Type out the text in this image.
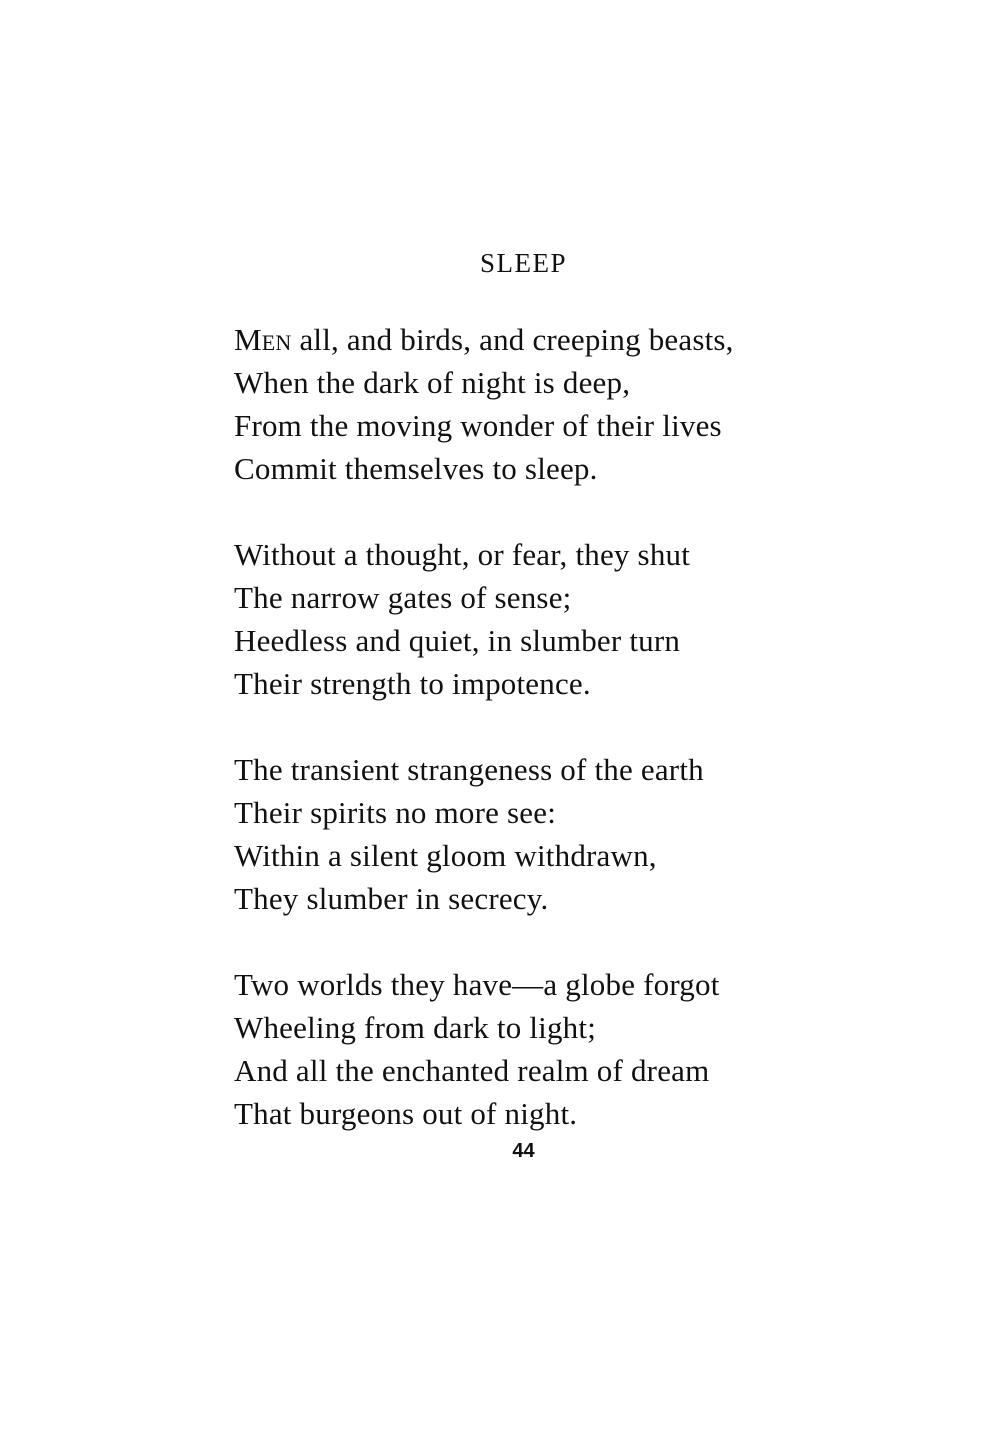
SLEEP
Men all, and birds, and creeping beasts,
When the dark of night is deep,
From the moving wonder of their lives
Commit themselves to sleep.
Without a thought, or fear, they shut
The narrow gates of sense;
Heedless and quiet, in slumber turn
Their strength to impotence.
The transient strangeness of the earth
Their spirits no more see:
Within a silent gloom withdrawn,
They slumber in secrecy.
Two worlds they have—a globe forgot
Wheeling from dark to light;
And all the enchanted realm of dream
That burgeons out of night.
44
